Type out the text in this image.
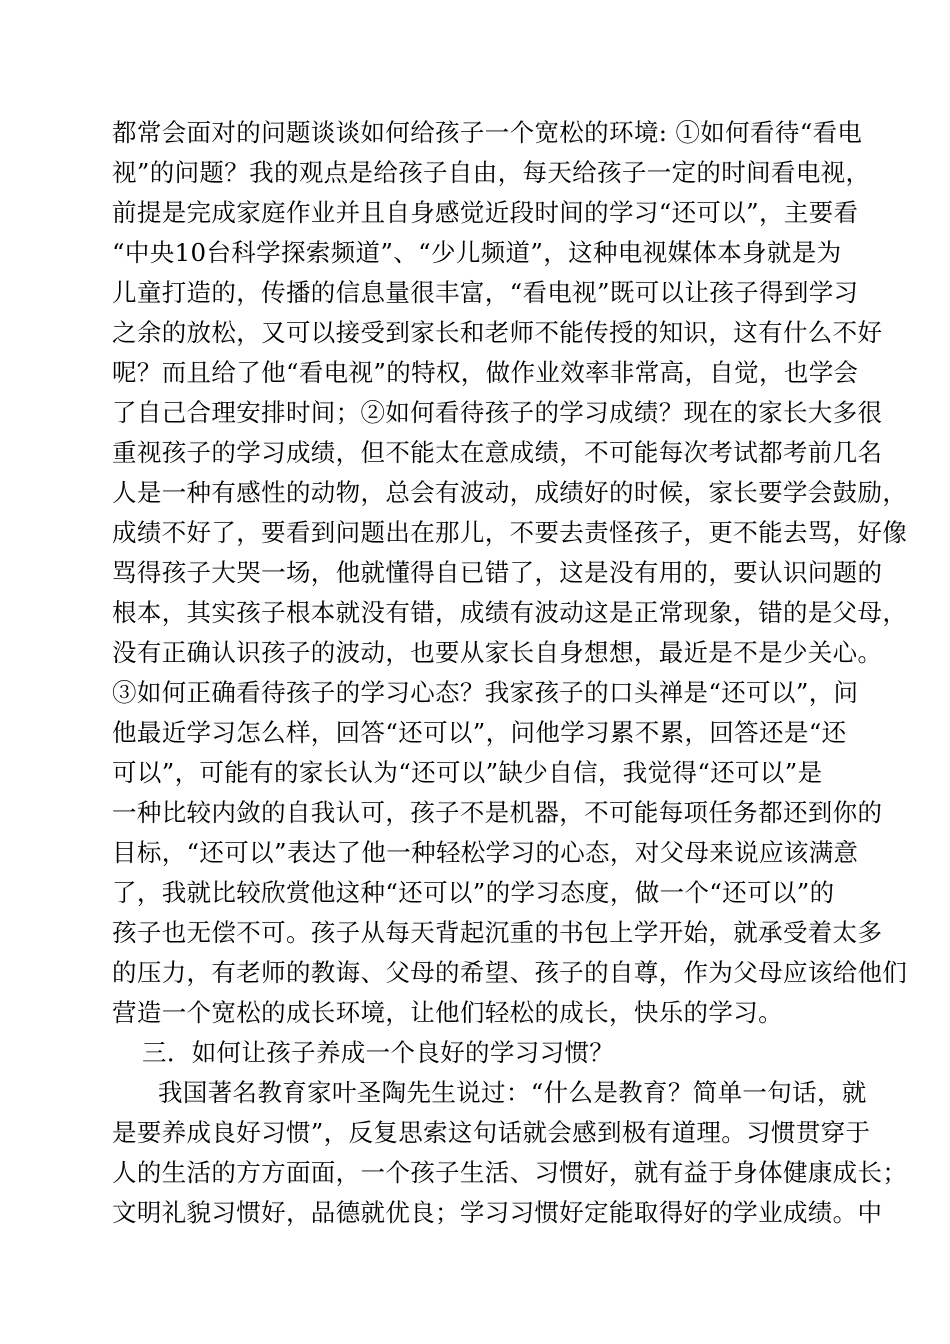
都常会面对的问题谈谈如何给孩子一个宽松的环境: ①如何看待“看电
视”的问题？我的观点是给孩子自由，每天给孩子一定的时间看电视，
前提是完成家庭作业并且自身感觉近段时间的学习“还可以”，主要看
“中央10台科学探索频道”、“少儿频道”，这种电视媒体本身就是为
儿童打造的，传播的信息量很丰富，“看电视”既可以让孩子得到学习
之余的放松，又可以接受到家长和老师不能传授的知识，这有什么不好
呢？而且给了他“看电视”的特权，做作业效率非常高，自觉，也学会
了自己合理安排时间；②如何看待孩子的学习成绩？现在的家长大多很
重视孩子的学习成绩，但不能太在意成绩，不可能每次考试都考前几名
人是一种有感性的动物，总会有波动，成绩好的时候，家长要学会鼓励，
成绩不好了，要看到问题出在那儿，不要去责怪孩子，更不能去骂，好像
骂得孩子大哭一场，他就懂得自已错了，这是没有用的，要认识问题的
根本，其实孩子根本就没有错，成绩有波动这是正常现象，错的是父母，
没有正确认识孩子的波动，也要从家长自身想想，最近是不是少关心。
③如何正确看待孩子的学习心态？我家孩子的口头禅是“还可以”，问
他最近学习怎么样，回答“还可以”，问他学习累不累，回答还是“还
可以”，可能有的家长认为“还可以”缺少自信，我觉得“还可以”是
一种比较内敛的自我认可，孩子不是机器，不可能每项任务都还到你的
目标，“还可以”表达了他一种轻松学习的心态，对父母来说应该满意
了，我就比较欣赏他这种“还可以”的学习态度，做一个“还可以”的
孩子也无偿不可。孩子从每天背起沉重的书包上学开始，就承受着太多
的压力，有老师的教诲、父母的希望、孩子的自尊，作为父母应该给他们
营造一个宽松的成长环境，让他们轻松的成长，快乐的学习。
三．如何让孩子养成一个良好的学习习惯？
我国著名教育家叶圣陶先生说过：“什么是教育？简单一句话，就
是要养成良好习惯”，反复思索这句话就会感到极有道理。习惯贯穿于
人的生活的方方面面，一个孩子生活、习惯好，就有益于身体健康成长；
文明礼貌习惯好，品德就优良；学习习惯好定能取得好的学业成绩。中
